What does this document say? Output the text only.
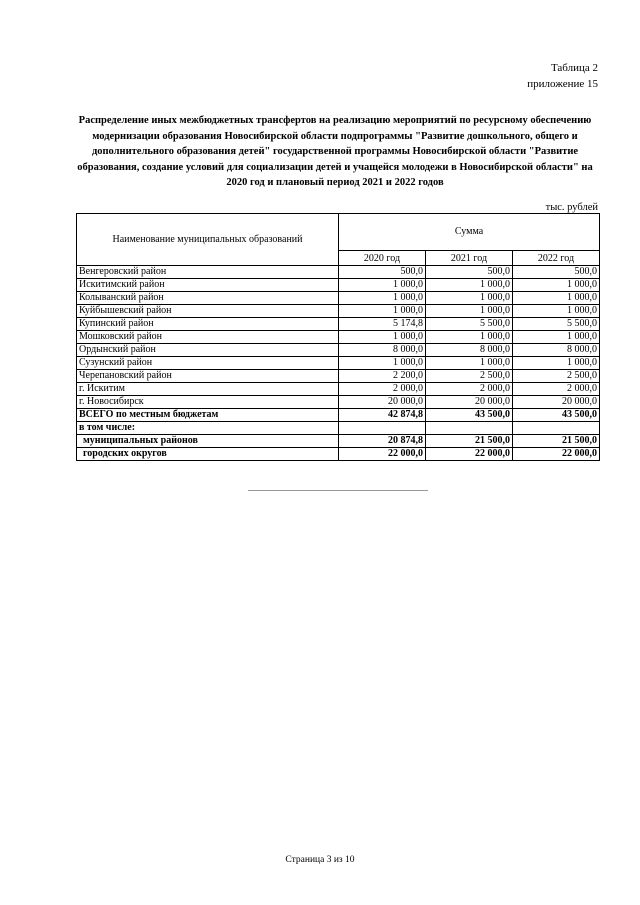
Таблица 2
приложение 15

Распределение иных межбюджетных трансфертов на реализацию мероприятий по ресурсному обеспечению модернизации образования Новосибирской области подпрограммы "Развитие дошкольного, общего и дополнительного образования детей" государственной программы Новосибирской области "Развитие образования, создание условий для социализации детей и учащейся молодежи в Новосибирской области" на 2020 год и плановый период 2021 и 2022 годов

тыс. рублей
Наименование муниципальных образований	Сумма		
	2020 год	2021 год	2022 год
Венгеровский район	500,0	500,0	500,0
Искитимский район	1 000,0	1 000,0	1 000,0
Колыванский район	1 000,0	1 000,0	1 000,0
Куйбышевский район	1 000,0	1 000,0	1 000,0
Купинский район	5 174,8	5 500,0	5 500,0
Мошковский район	1 000,0	1 000,0	1 000,0
Ордынский район	8 000,0	8 000,0	8 000,0
Сузунский район	1 000,0	1 000,0	1 000,0
Черепановский район	2 200,0	2 500,0	2 500,0
г. Искитим	2 000,0	2 000,0	2 000,0
г. Новосибирск	20 000,0	20 000,0	20 000,0
ВСЕГО по местным бюджетам	42 874,8	43 500,0	43 500,0
в том числе:			
муниципальных районов	20 874,8	21 500,0	21 500,0
городских округов	22 000,0	22 000,0	22 000,0
Страница 3 из 10
